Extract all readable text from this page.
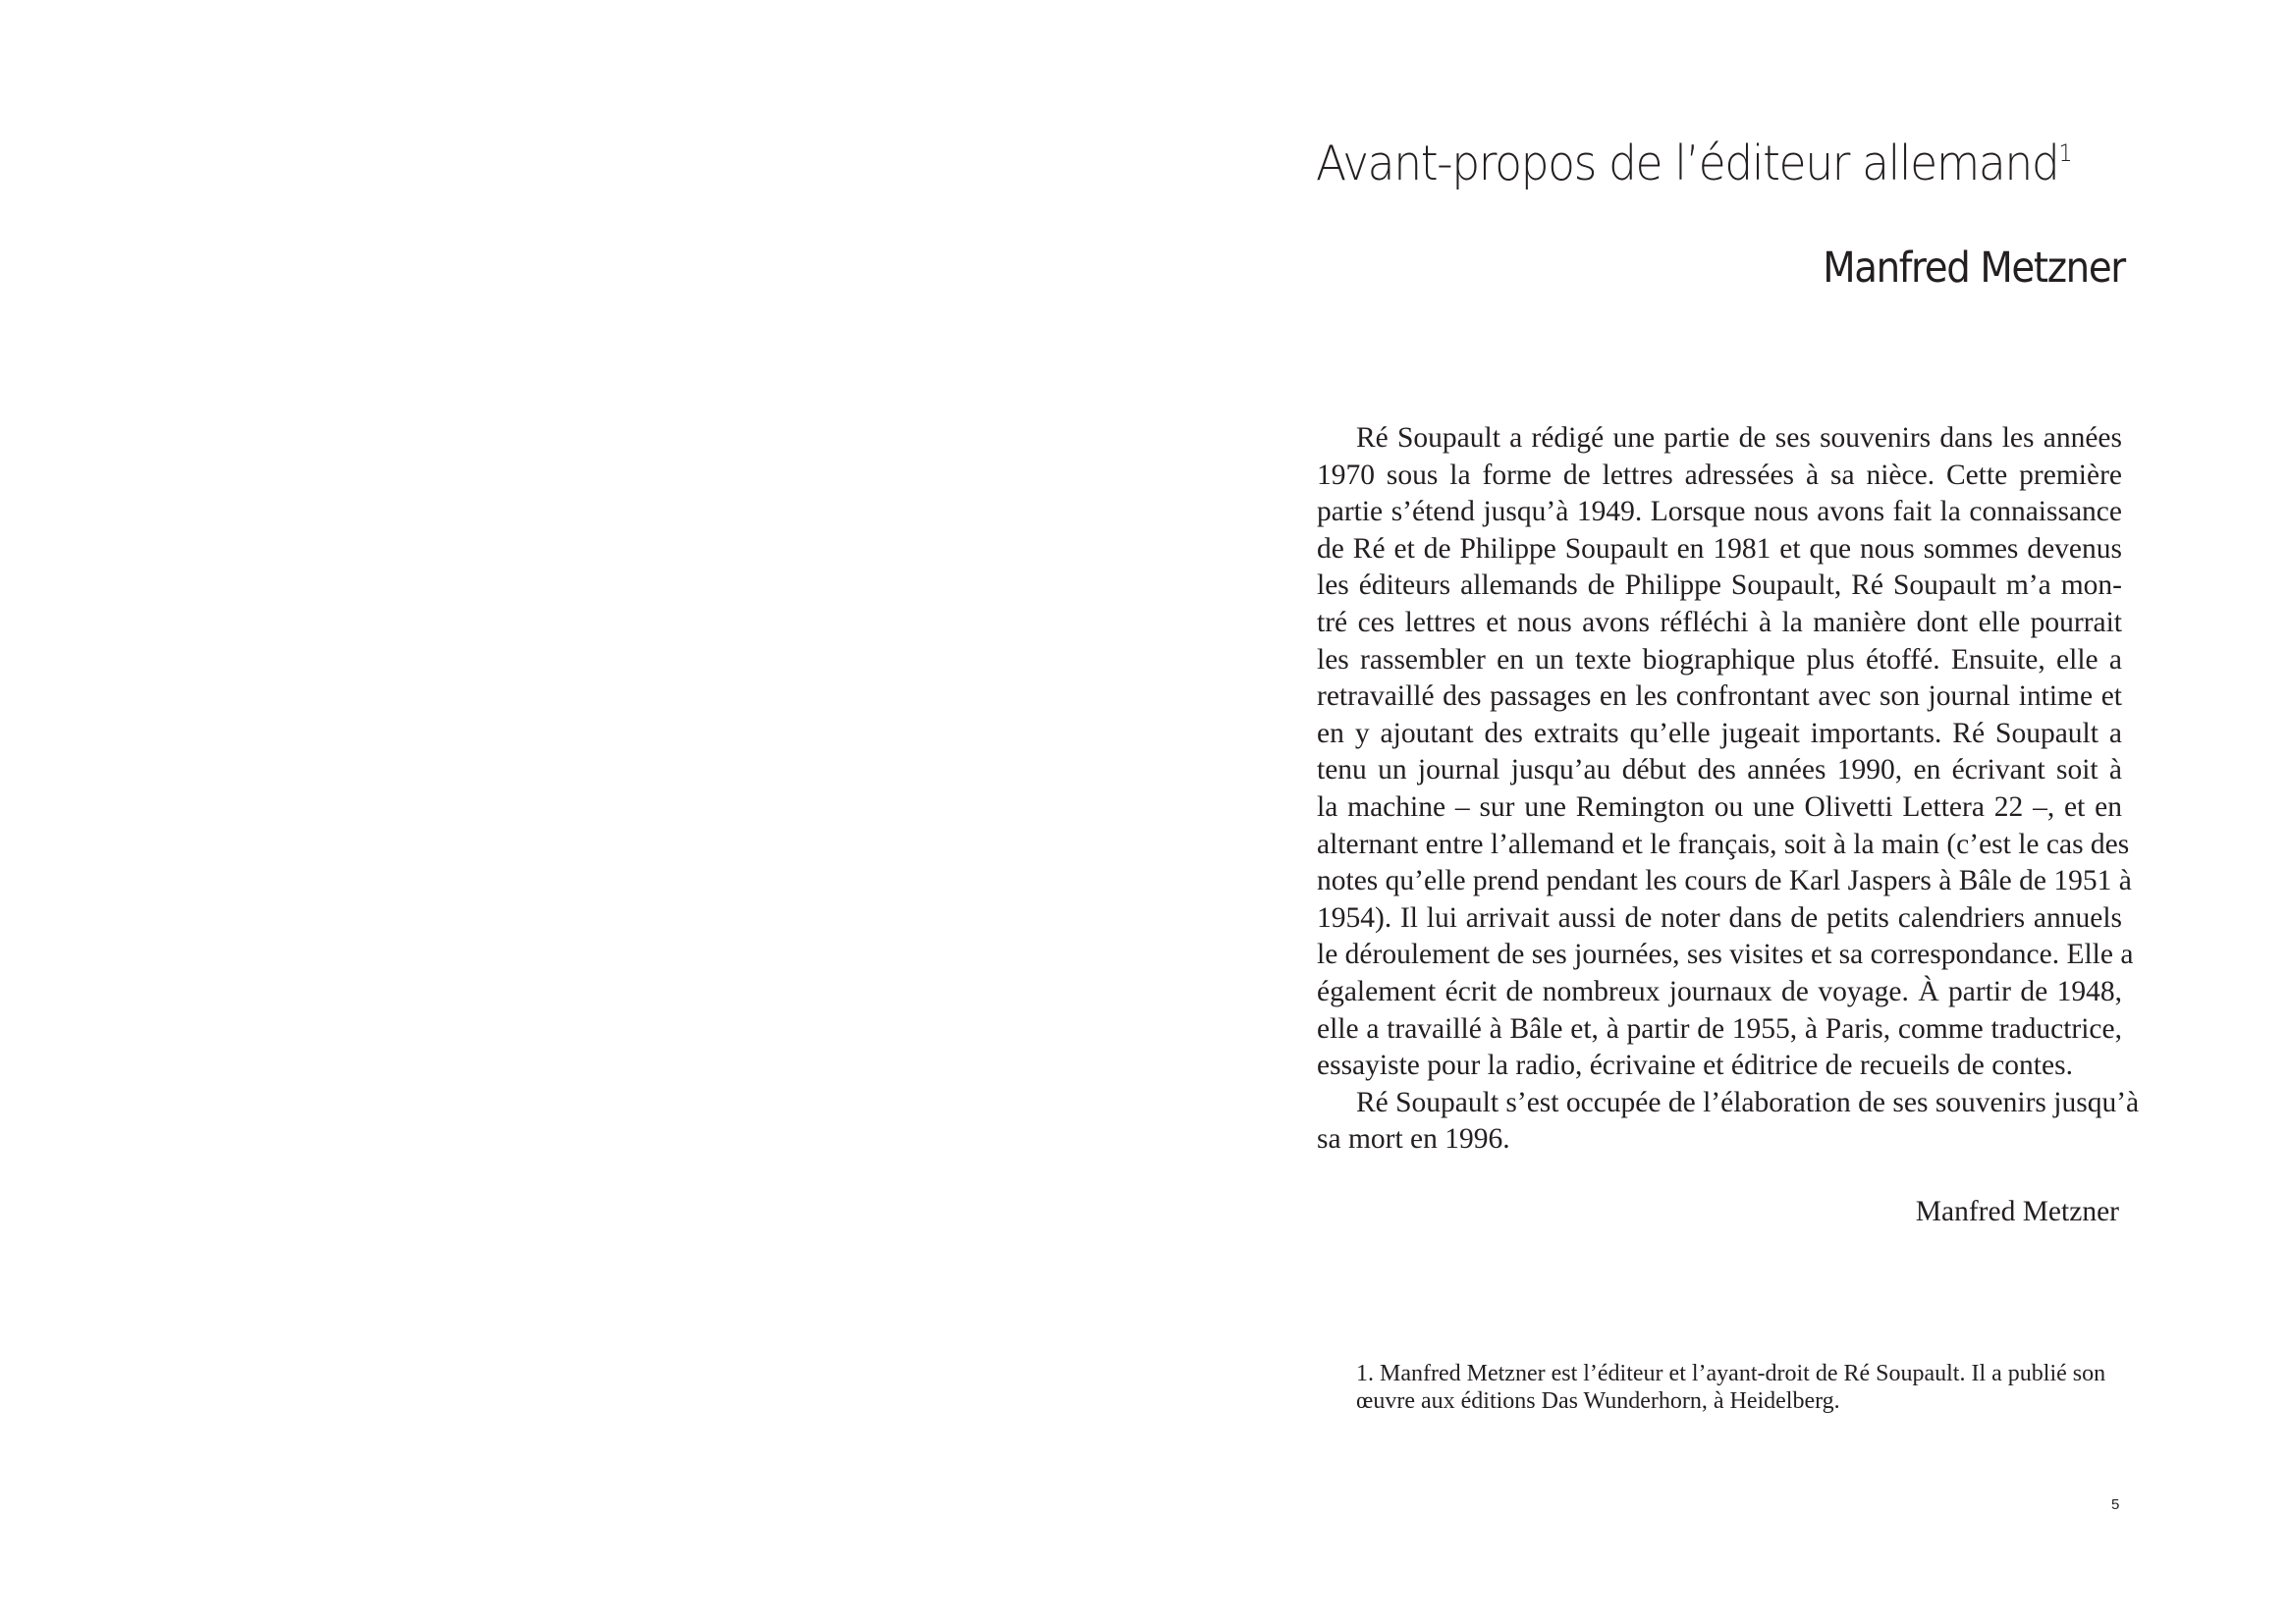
Avant-propos de l’éditeur allemand$^1$
Manfred Metzner
Ré Soupault a rédigé une partie de ses souvenirs dans les années
1970 sous la forme de lettres adressées à sa nièce. Cette première
partie s’étend jusqu’à 1949. Lorsque nous avons fait la connaissance
de Ré et de Philippe Soupault en 1981 et que nous sommes devenus
les éditeurs allemands de Philippe Soupault, Ré Soupault m’a mon-
tré ces lettres et nous avons réfléchi à la manière dont elle pourrait
les rassembler en un texte biographique plus étoffé. Ensuite, elle a
retravaillé des passages en les confrontant avec son journal intime et
en y ajoutant des extraits qu’elle jugeait importants. Ré Soupault a
tenu un journal jusqu’au début des années 1990, en écrivant soit à
la machine – sur une Remington ou une Olivetti Lettera 22 –, et en
alternant entre l’allemand et le français, soit à la main (c’est le cas des
notes qu’elle prend pendant les cours de Karl Jaspers à Bâle de 1951 à
1954). Il lui arrivait aussi de noter dans de petits calendriers annuels
le déroulement de ses journées, ses visites et sa correspondance. Elle a
également écrit de nombreux journaux de voyage. À partir de 1948,
elle a travaillé à Bâle et, à partir de 1955, à Paris, comme traductrice,
essayiste pour la radio, écrivaine et éditrice de recueils de contes.
Ré Soupault s’est occupée de l’élaboration de ses souvenirs jusqu’à
sa mort en 1996.
Manfred Metzner
1. Manfred Metzner est l’éditeur et l’ayant-droit de Ré Soupault. Il a publié son
œuvre aux éditions Das Wunderhorn, à Heidelberg.
5
